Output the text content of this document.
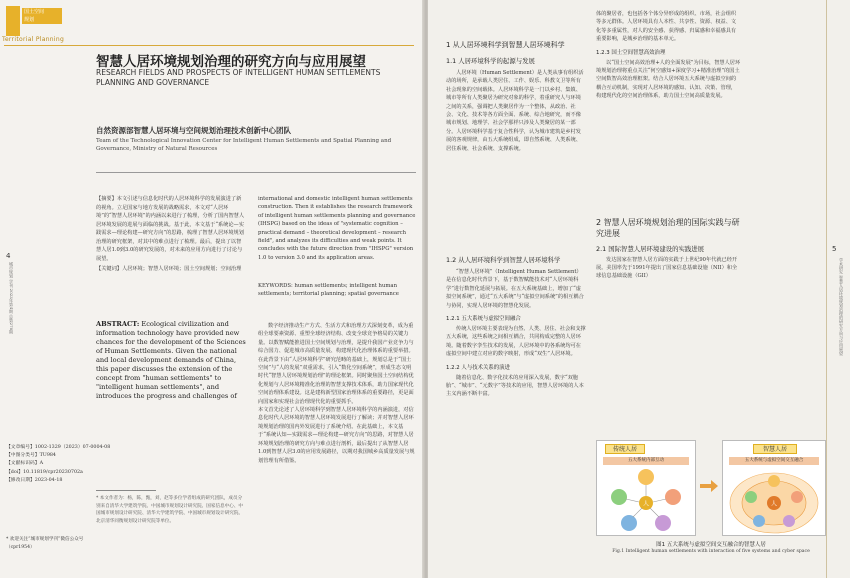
国土空间
规划
Territorial Planning
智慧人居环境规划治理的研究方向与应用展望
RESEARCH FIELDS AND PROSPECTS OF INTELLIGENT HUMAN SETTLEMENTS PLANNING AND GOVERNANCE
自然资源部智慧人居环境与空间规划治理技术创新中心团队
Team of the Technological Innovation Center for Intelligent Human Settlements and Spatial Planning and Governance, Ministry of Natural Resources
【摘要】本文引述与信息化时代的人居环境科学的发展演进了新的视角。立足国家与地方发展的战略需求，本文对“人居环境”的“智慧人居环境”的内涵以来进行了梳理，分析了国内智慧人居环境发展的进展与面临的挑战。基于此，本文基于“系统论—实践需求—理论构建—研究方向”的思路，梳理了智慧人居环境规划治理的研究框架，对其中的难点进行了梳理。最后，提出了以智慧人居1.0到3.0的研究发展的，对未来的应用方向进行了讨论与展望。
【关键词】人居环境；智慧人居环境；国土空间规划；空间治理
ABSTRACT: Ecological civilization and information technology have provided new chances for the development of the Sciences of Human Settlements. Given the national and local development demands of China, this paper discusses the extension of the concept from "human settlements" to "intelligent human settlements", and introduces the progress and challenges of
international and domestic intelligent human settlements construction. Then it establishes the research framework of intelligent human settlements planning and governance (IHSPG) based on the ideas of "systematic cognition – practical demand – theoretical development – research field", and analyzes its difficulties and weak points. It concludes with the future direction from "IHSPG" version 1.0 to version 3.0 and its application areas.
KEYWORDS: human settlements; intelligent human settlements; territorial planning; spatial governance
数字经济推动生产方式、生活方式和治理方式深刻变革，成为重组全球要素资源、重塑全球经济结构、改变全球竞争格局的关键力量。以数智赋能推进国土空间规划与治理，是提升我国产业竞争力与综合国力、促进城市高质量发展、构建现代化治理体系的重要举措。在此背景下由“人居环境科学”研究范畴的基础上，规划总是于“国土空间”与“人的发展”双重需求，引入“数化空间系统”，形成生态文明时代“智慧人居环境规划治理”的理论框架。同时聚焦国土空间结构优化规划与人居环境精准化治理的智慧支撑技术体系，助力国家现代化空间治理体系建设。这是建构新型国家治理体系的重要路径，更是面向国家和实现社会治理现代化的重要抓手。
本文首先论述了人居环境科学到智慧人居环境科学的内涵演进，对信息化时代人居环境的智慧人居环境发展进行了解读；并对智慧人居环境规划治理的国内外发展进行了系统介绍。在此基础上，本文基于“系统认知—实践需求—理论构建—研究方向”的思路，对智慧人居环境规划治理的研究方向与难点进行剖析，最后提出了从智慧人居1.0到智慧人居3.0的应用发展路径，以期对我国城乡高质量发展与规划管理有所借鉴。
4
城市规划 学刊 2023年第4期 总第278期
【文章编号】1002-1329（2023）07-0004-08
【中图分类号】TU984
【文献标识码】A
【doi】10.11819/cpr20230702a
【修改日期】2023-04-18
* 本文作者为：杨，陈，甄，刘，赵等多位学者组成的研究团队，成员分别来自清华大学建筑学院、中国城市规划设计研究院、国家信息中心、中国城市规划设计研究院、清华大学建筑学院、中国城市规划设计研究院、北京清华同衡规划设计研究院等单位。
* 欢迎关注“城市规划学刊”微信公众号（cpr1954）
1 从人居环境科学到智慧人居环境科学
1.1 人居环境科学的起源与发展
人居环境（Human Settlement）是人类从事有组织活动的场所，是承载人类居住、工作、娱乐、科教文卫等所有社会现象的空间载体。人居环境科学是一门以乡村、集镇、城市等所有人类聚居为研究对象的科学，着重研究人与环境之间的关系，强调把人类聚居作为一个整体，从政治、社会、文化、技术等各方面全面、系统、综合地研究，而不像城市规划、地理学、社会学那样只涉及人类聚居的某一部分。人居环境科学基于复合性科学，认为城市建筑是乡村发展的客观规律，由五大系统组成，即自然系统、人类系统、居住系统、社会系统、支撑系统。
1.2 从人居环境科学到智慧人居环境科学
“智慧人居环境”（Intelligent Human Settlement）是在信息化时代背景下，基于数智赋能技术对“人居环境科学”进行数智化延展与拓展。在五大系统基础上，增加了“虚拟空间系统”，通过“五大系统”与“虚拟空间系统”的相互耦合与协同，实现人居环境的智慧化发展。
1.2.1 五大系统与虚拟空间融合
传统人居环境主要表现为自然、人类、居住、社会和支撑五大系统，这些系统之间相互耦合，共同构成完整的人居环境。随着数字孪生技术的发展，人居环境中的各系统均可在虚拟空间中建立对应的数字映射，形成“双生”人居环境。
1.2.2 人与技术关系的演进
随着信息化、数字化技术的应用深入发展，数字“双胞胎”、“城市”、“元数字”等技术的应用，智慧人居环境的人本主义内涵不断丰富。
体的聚居者，也包括各个体分异形成的组织、市场，社会组织等多元群体。人居环境具有人本性、共享性、资源、权益、文化等多重属性，对人的安全感、获得感、归属感和幸福感具有重要影响，是城乡治理的基本单元。
1.2.3 国土空间智慧高效治理
以“国土空间高效治理+人的全面发展”为目标，智慧人居环境规划治理将重点关注“何空感知+深度学习+精准治理”的国土空间数智高效治理框架。结合人居环境五大系统与虚拟空间的耦合互动机制，实现对人居环境的感知、认知、决策、管理，构建现代化的空间治理体系，助力国土空间高质量发展。
2 智慧人居环境规划治理的国际实践与研究进展
2.1 国际智慧人居环境建设的实践进展
发达国家在智慧人居方面的实践于上世纪90年代就已经开展。美国率先于1991年提出了国家信息基础设施（NII）和全球信息基础设施（GII）
传统人居
五大系统内部互动
人
智慧人居
五大系统与虚拟空间交互融合
人
图1 五大系统与虚拟空间交互融合的智慧人居
Fig.1 Intelligent human settlements with interaction of five systems and cyber space
5
学术研究 智慧人居环境规划治理的研究方向与应用展望
